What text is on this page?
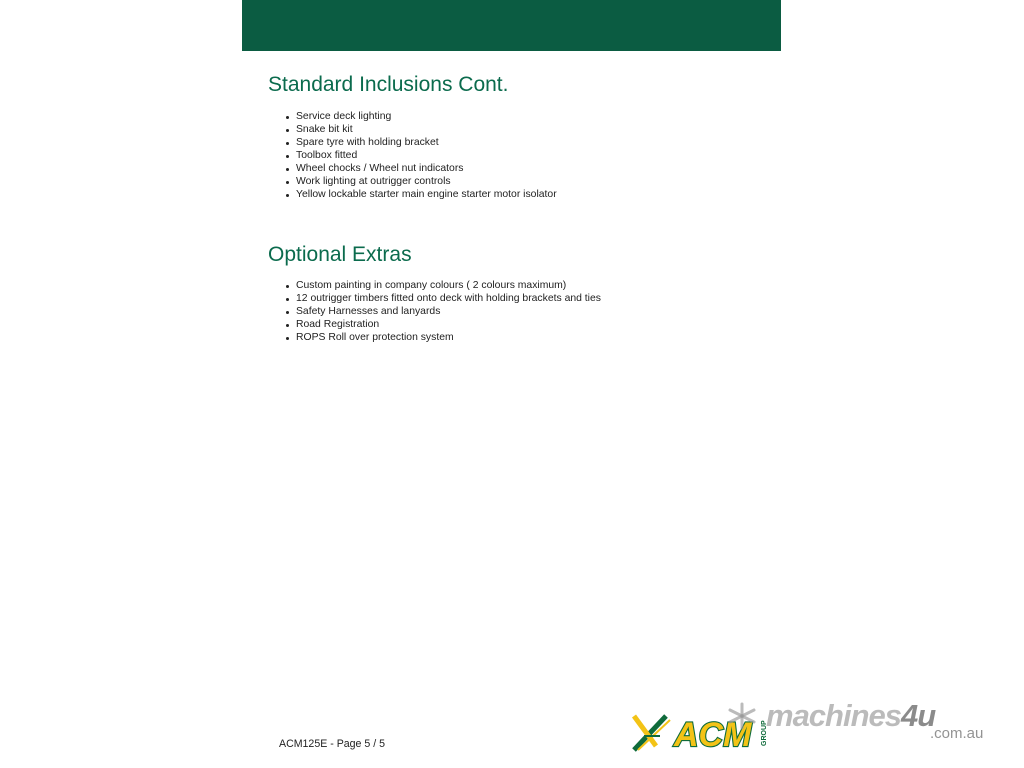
Standard Inclusions Cont.
Service deck lighting
Snake bit kit
Spare tyre with holding bracket
Toolbox fitted
Wheel chocks / Wheel nut indicators
Work lighting at outrigger controls
Yellow lockable starter main engine starter motor isolator
Optional Extras
Custom painting in company colours ( 2 colours maximum)
12 outrigger timbers fitted onto deck with holding brackets and ties
Safety Harnesses and lanyards
Road Registration
ROPS Roll over protection system
ACM125E - Page 5 / 5	ACM GROUP
machines4u
.com.au
